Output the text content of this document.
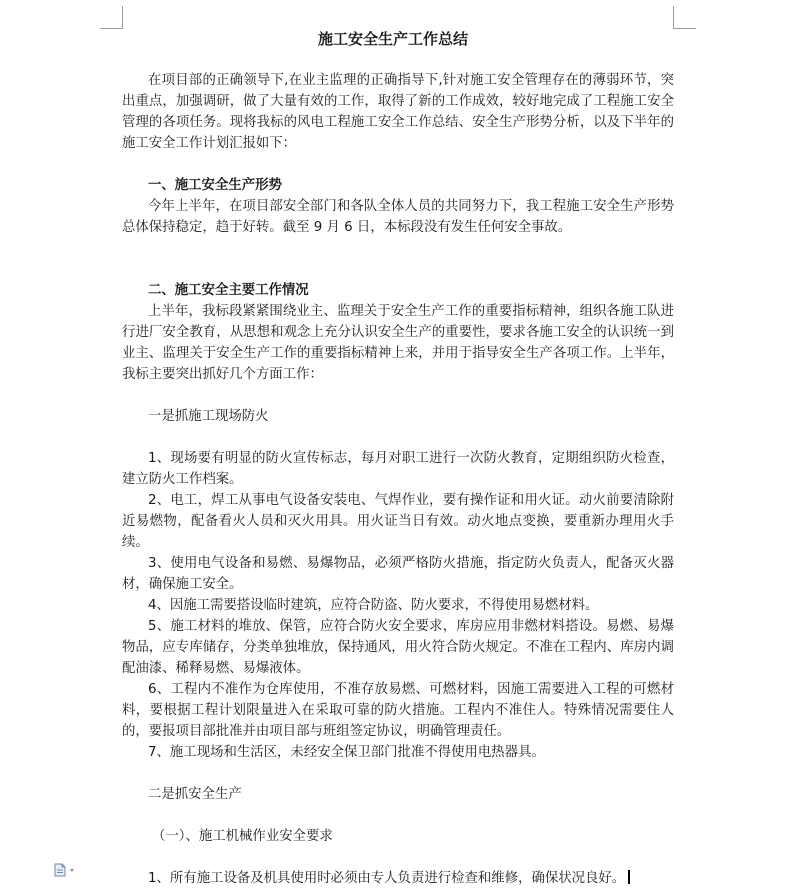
施工安全生产工作总结

在项目部的正确领导下,在业主监理的正确指导下,针对施工安全管理存在的薄弱环节，突出重点，加强调研，做了大量有效的工作，取得了新的工作成效，较好地完成了工程施工安全管理的各项任务。现将我标的风电工程施工安全工作总结、安全生产形势分析，以及下半年的施工安全工作计划汇报如下：

一、施工安全生产形势

今年上半年，在项目部安全部门和各队全体人员的共同努力下，我工程施工安全生产形势总体保持稳定，趋于好转。截至 9 月 6 日，本标段没有发生任何安全事故。

二、施工安全主要工作情况

上半年，我标段紧紧围绕业主、监理关于安全生产工作的重要指标精神，组织各施工队进行进厂安全教育，从思想和观念上充分认识安全生产的重要性，要求各施工安全的认识统一到业主、监理关于安全生产工作的重要指标精神上来，并用于指导安全生产各项工作。上半年，我标主要突出抓好几个方面工作：

一是抓施工现场防火

1、现场要有明显的防火宣传标志，每月对职工进行一次防火教育，定期组织防火检查，建立防火工作档案。

2、电工，焊工从事电气设备安装电、气焊作业，要有操作证和用火证。动火前要清除附近易燃物，配备看火人员和灭火用具。用火证当日有效。动火地点变换，要重新办理用火手续。

3、使用电气设备和易燃、易爆物品，必须严格防火措施，指定防火负责人，配备灭火器材，确保施工安全。

4、因施工需要搭设临时建筑，应符合防盗、防火要求，不得使用易燃材料。

5、施工材料的堆放、保管，应符合防火安全要求，库房应用非燃材料搭设。易燃、易爆物品，应专库储存，分类单独堆放，保持通风，用火符合防火规定。不准在工程内、库房内调配油漆、稀释易燃、易爆液体。

6、工程内不准作为仓库使用，不准存放易燃、可燃材料，因施工需要进入工程的可燃材料，要根据工程计划限量进入在采取可靠的防火措施。工程内不准住人。特殊情况需要住人的，要报项目部批准并由项目部与班组签定协议，明确管理责任。

7、施工现场和生活区，未经安全保卫部门批准不得使用电热器具。

二是抓安全生产

（一）、施工机械作业安全要求

1、所有施工设备及机具使用时必须由专人负责进行检查和维修，确保状况良好。
